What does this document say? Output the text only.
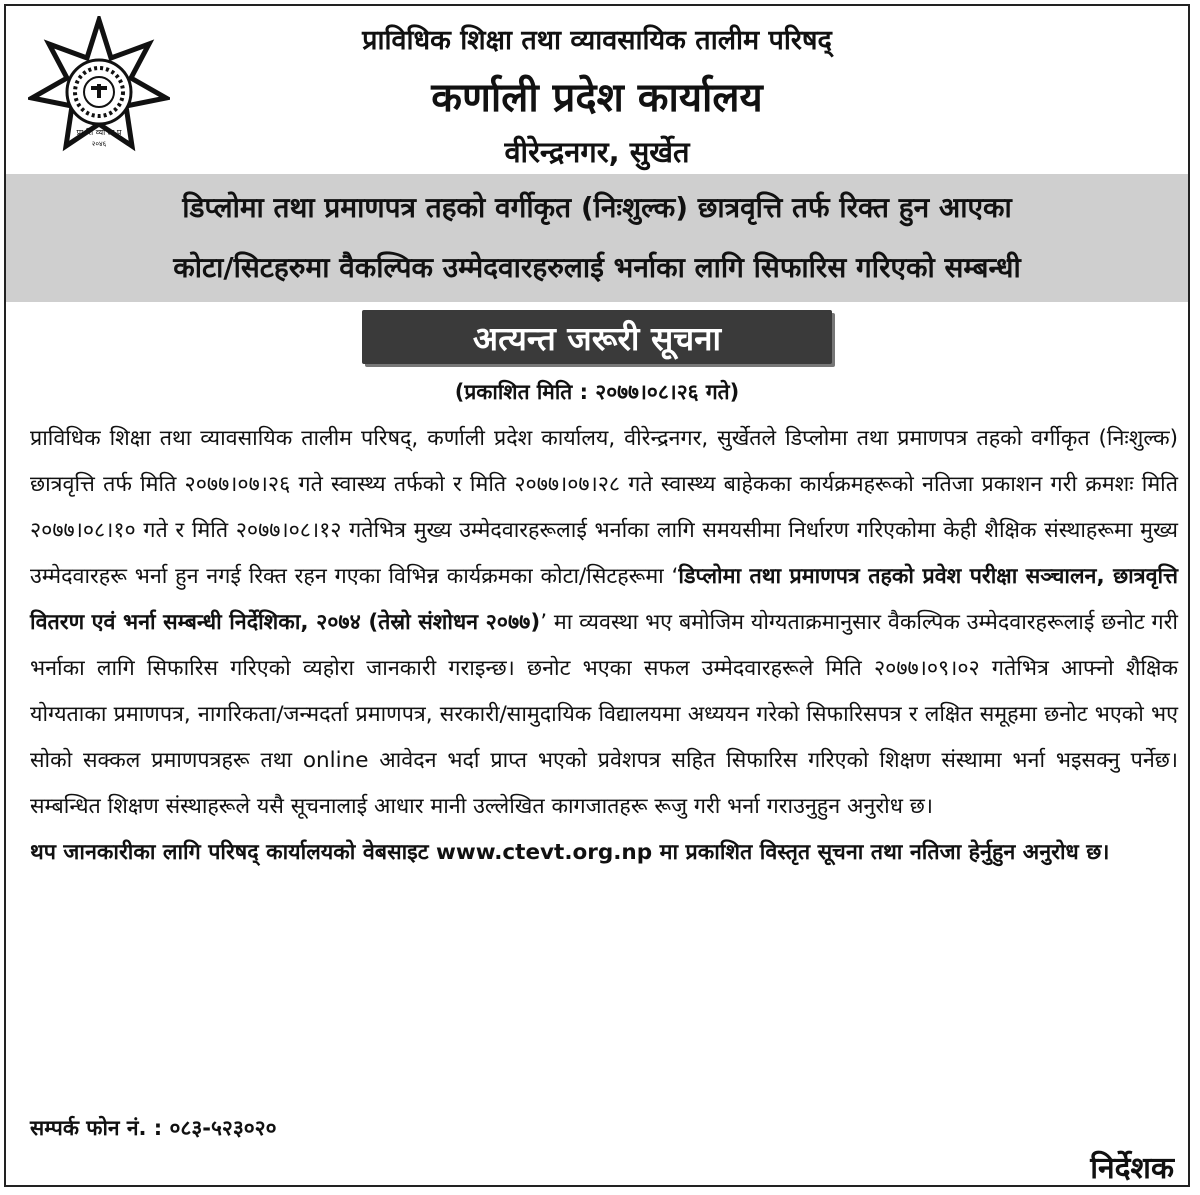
प्रा शि व्या ता प
२०४६
प्राविधिक शिक्षा तथा व्यावसायिक तालीम परिषद्
कर्णाली प्रदेश कार्यालय
वीरेन्द्रनगर, सुर्खेत
डिप्लोमा तथा प्रमाणपत्र तहको वर्गीकृत (निःशुल्क) छात्रवृत्ति तर्फ रिक्त हुन आएका
कोटा/सिटहरुमा वैकल्पिक उम्मेदवारहरुलाई भर्नाका लागि सिफारिस गरिएको सम्बन्धी
अत्यन्त जरूरी सूचना
(प्रकाशित मिति : २०७७।०८।२६ गते)

प्राविधिक शिक्षा तथा व्यावसायिक तालीम परिषद्, कर्णाली प्रदेश कार्यालय, वीरेन्द्रनगर, सुर्खेतले डिप्लोमा तथा प्रमाणपत्र तहको वर्गीकृत (निःशुल्क) छात्रवृत्ति तर्फ मिति २०७७।०७।२६ गते स्वास्थ्य तर्फको र मिति २०७७।०७।२८ गते स्वास्थ्य बाहेकका कार्यक्रमहरूको नतिजा प्रकाशन गरी क्रमशः मिति २०७७।०८।१० गते र मिति २०७७।०८।१२ गतेभित्र मुख्य उम्मेदवारहरूलाई भर्नाका लागि समयसीमा निर्धारण गरिएकोमा केही शैक्षिक संस्थाहरूमा मुख्य उम्मेदवारहरू भर्ना हुन नगई रिक्त रहन गएका विभिन्न कार्यक्रमका कोटा/सिटहरूमा ‘डिप्लोमा तथा प्रमाणपत्र तहको प्रवेश परीक्षा सञ्चालन, छात्रवृत्ति वितरण एवं भर्ना सम्बन्धी निर्देशिका, २०७४ (तेस्रो संशोधन २०७७)’ मा व्यवस्था भए बमोजिम योग्यताक्रमानुसार वैकल्पिक उम्मेदवारहरूलाई छनोट गरी भर्नाका लागि सिफारिस गरिएको व्यहोरा जानकारी गराइन्छ। छनोट भएका सफल उम्मेदवारहरूले मिति २०७७।०९।०२ गतेभित्र आफ्नो शैक्षिक योग्यताका प्रमाणपत्र, नागरिकता/जन्मदर्ता प्रमाणपत्र, सरकारी/सामुदायिक विद्यालयमा अध्ययन गरेको सिफारिसपत्र र लक्षित समूहमा छनोट भएको भए सोको सक्कल प्रमाणपत्रहरू तथा online आवेदन भर्दा प्राप्त भएको प्रवेशपत्र सहित सिफारिस गरिएको शिक्षण संस्थामा भर्ना भइसक्नु पर्नेछ। सम्बन्धित शिक्षण संस्थाहरूले यसै सूचनालाई आधार मानी उल्लेखित कागजातहरू रूजु गरी भर्ना गराउनुहुन अनुरोध छ।

थप जानकारीका लागि परिषद् कार्यालयको वेबसाइट www.ctevt.org.np मा प्रकाशित विस्तृत सूचना तथा नतिजा हेर्नुहुन अनुरोध छ।

सम्पर्क फोन नं. : ०८३-५२३०२०
निर्देशक
